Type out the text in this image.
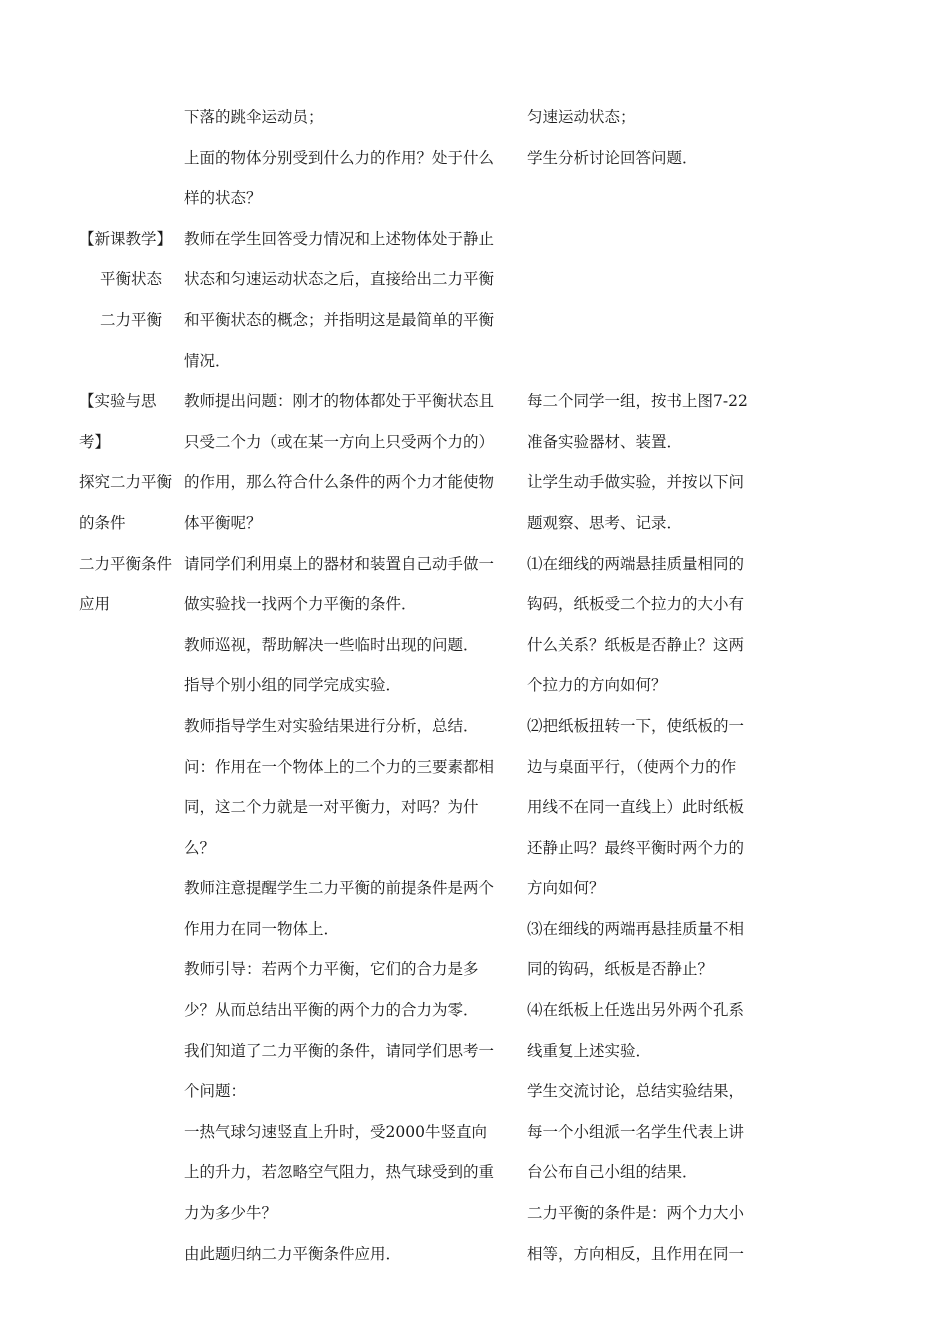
【新课教学】
平衡状态
二力平衡
【实验与思
考】
探究二力平衡
的条件
二力平衡条件
应用
下落的跳伞运动员；
上面的物体分别受到什么力的作用？处于什么
样的状态？
教师在学生回答受力情况和上述物体处于静止
状态和匀速运动状态之后，直接给出二力平衡
和平衡状态的概念；并指明这是最简单的平衡
情况．
教师提出问题：刚才的物体都处于平衡状态且
只受二个力（或在某一方向上只受两个力的）
的作用，那么符合什么条件的两个力才能使物
体平衡呢？
请同学们利用桌上的器材和装置自己动手做一
做实验找一找两个力平衡的条件．
教师巡视，帮助解决一些临时出现的问题．
指导个别小组的同学完成实验．
教师指导学生对实验结果进行分析，总结．
问：作用在一个物体上的二个力的三要素都相
同，这二个力就是一对平衡力，对吗？为什
么？
教师注意提醒学生二力平衡的前提条件是两个
作用力在同一物体上．
教师引导：若两个力平衡，它们的合力是多
少？从而总结出平衡的两个力的合力为零．
我们知道了二力平衡的条件，请同学们思考一
个问题：
一热气球匀速竖直上升时，受2000牛竖直向
上的升力，若忽略空气阻力，热气球受到的重
力为多少牛？
由此题归纳二力平衡条件应用．
匀速运动状态；
学生分析讨论回答问题．
每二个同学一组，按书上图7-22
准备实验器材、装置．
让学生动手做实验，并按以下问
题观察、思考、记录．
⑴在细线的两端悬挂质量相同的
钩码，纸板受二个拉力的大小有
什么关系？纸板是否静止？这两
个拉力的方向如何？
⑵把纸板扭转一下，使纸板的一
边与桌面平行，（使两个力的作
用线不在同一直线上）此时纸板
还静止吗？最终平衡时两个力的
方向如何？
⑶在细线的两端再悬挂质量不相
同的钩码，纸板是否静止？
⑷在纸板上任选出另外两个孔系
线重复上述实验．
学生交流讨论，总结实验结果，
每一个小组派一名学生代表上讲
台公布自己小组的结果．
二力平衡的条件是：两个力大小
相等，方向相反，且作用在同一
